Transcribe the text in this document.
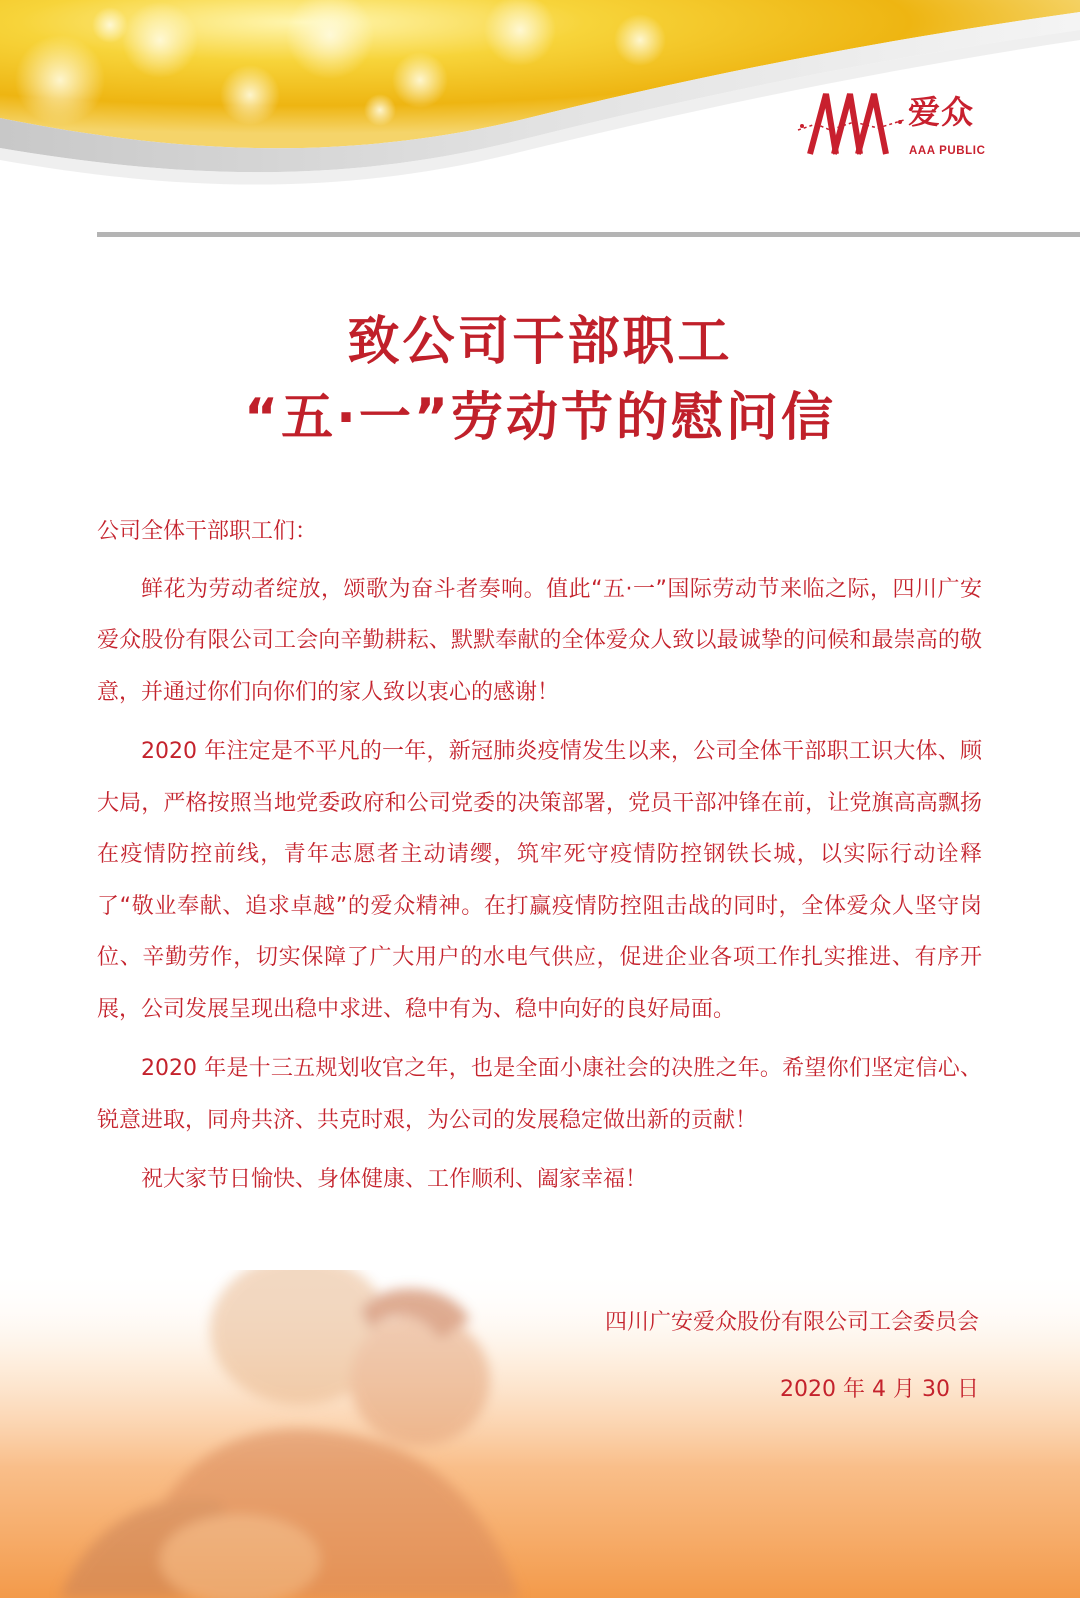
爱众
AAA PUBLIC
致公司干部职工
“五·一”劳动节的慰问信

公司全体干部职工们：

鲜花为劳动者绽放，颂歌为奋斗者奏响。值此“五·一”国际劳动节来临之际，四川广安爱众股份有限公司工会向辛勤耕耘、默默奉献的全体爱众人致以最诚挚的问候和最崇高的敬意，并通过你们向你们的家人致以衷心的感谢！

2020 年注定是不平凡的一年，新冠肺炎疫情发生以来，公司全体干部职工识大体、顾大局，严格按照当地党委政府和公司党委的决策部署，党员干部冲锋在前，让党旗高高飘扬在疫情防控前线，青年志愿者主动请缨，筑牢死守疫情防控钢铁长城，以实际行动诠释了“敬业奉献、追求卓越”的爱众精神。在打赢疫情防控阻击战的同时，全体爱众人坚守岗位、辛勤劳作，切实保障了广大用户的水电气供应，促进企业各项工作扎实推进、有序开展，公司发展呈现出稳中求进、稳中有为、稳中向好的良好局面。

2020 年是十三五规划收官之年，也是全面小康社会的决胜之年。希望你们坚定信心、锐意进取，同舟共济、共克时艰，为公司的发展稳定做出新的贡献！

祝大家节日愉快、身体健康、工作顺利、阖家幸福！

四川广安爱众股份有限公司工会委员会
2020 年 4 月 30 日
